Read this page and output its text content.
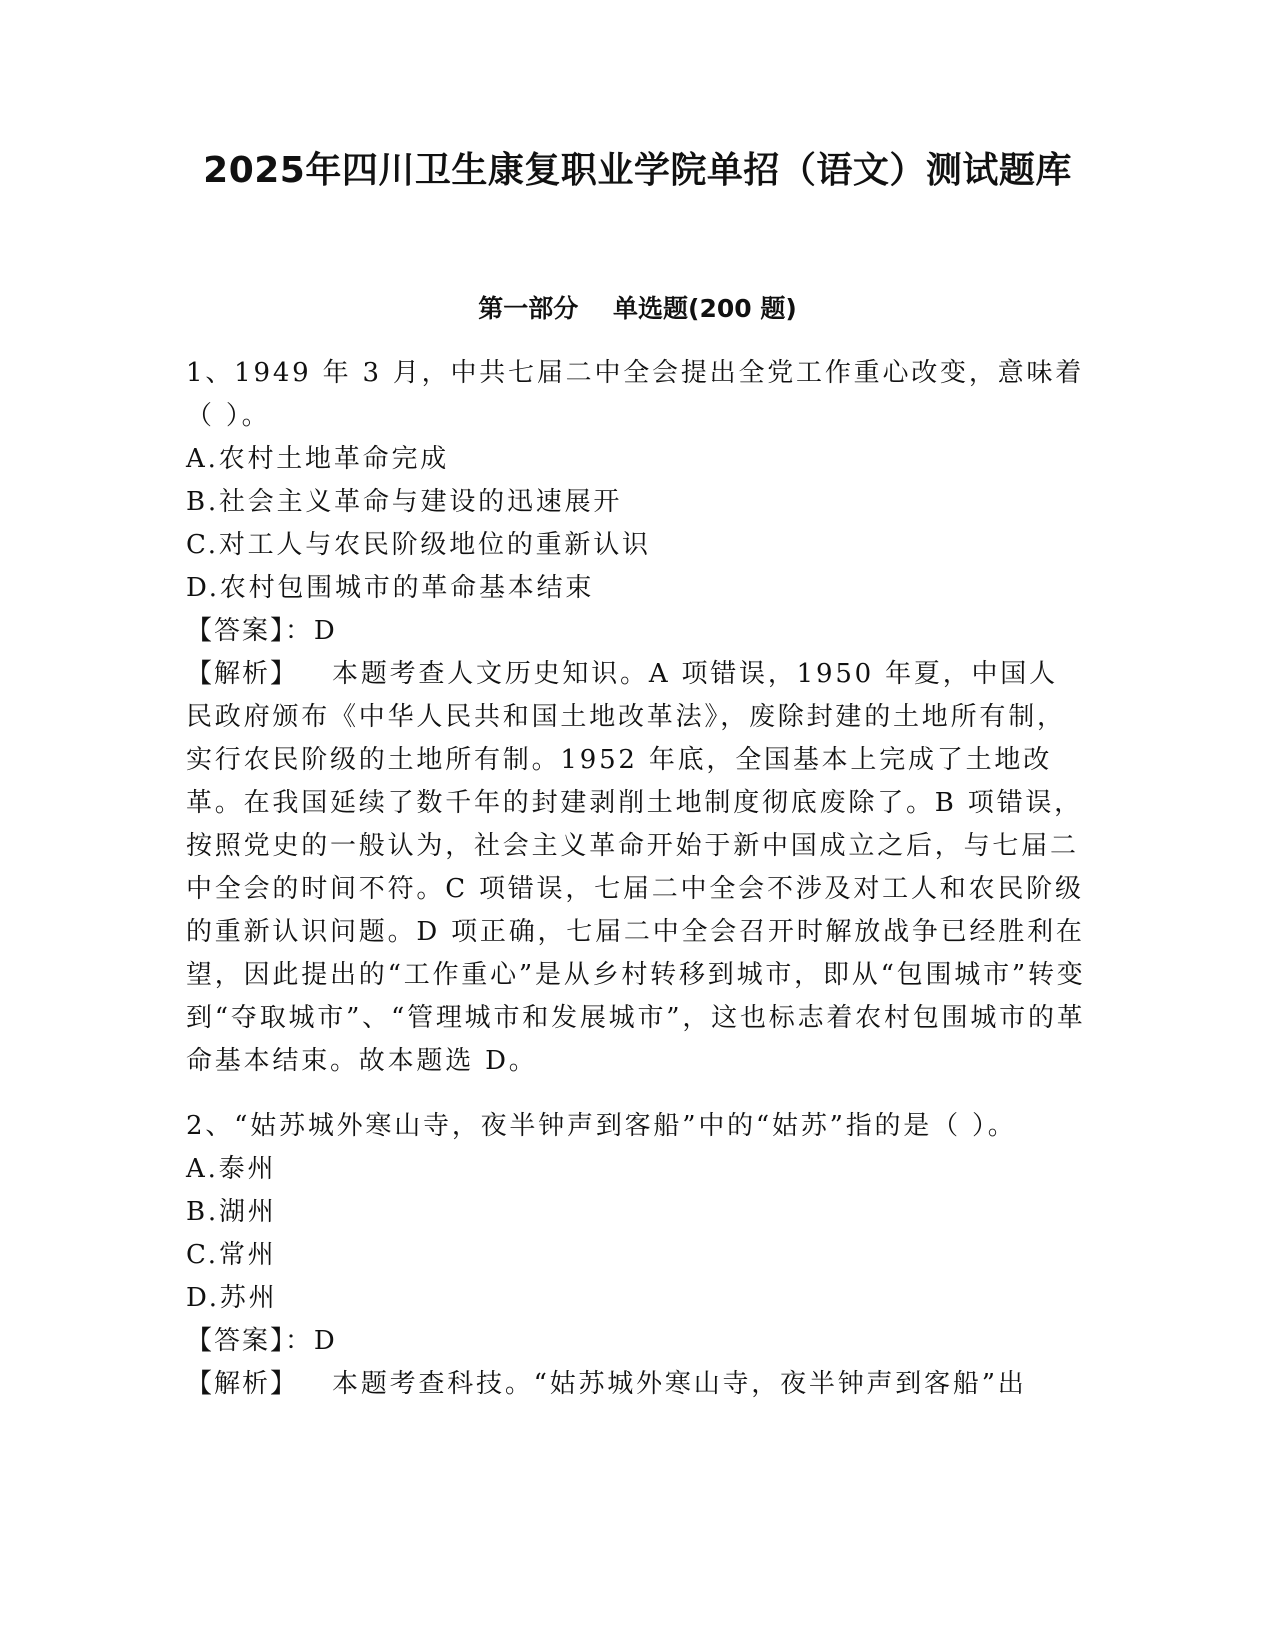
2025年四川卫生康复职业学院单招（语文）测试题库
第一部分    单选题(200 题)

1、1949 年 3 月，中共七届二中全会提出全党工作重心改变，意味着（ ）。

A.农村土地革命完成

B.社会主义革命与建设的迅速展开

C.对工人与农民阶级地位的重新认识

D.农村包围城市的革命基本结束

【答案】：D

【解析】 本题考查人文历史知识。A 项错误，1950 年夏，中国人民政府颁布《中华人民共和国土地改革法》，废除封建的土地所有制，实行农民阶级的土地所有制。1952 年底，全国基本上完成了土地改革。在我国延续了数千年的封建剥削土地制度彻底废除了。B 项错误，按照党史的一般认为，社会主义革命开始于新中国成立之后，与七届二中全会的时间不符。C 项错误，七届二中全会不涉及对工人和农民阶级的重新认识问题。D 项正确，七届二中全会召开时解放战争已经胜利在望，因此提出的“工作重心”是从乡村转移到城市，即从“包围城市”转变到“夺取城市”、“管理城市和发展城市”，这也标志着农村包围城市的革命基本结束。故本题选 D。

2、“姑苏城外寒山寺，夜半钟声到客船”中的“姑苏”指的是（ ）。

A.泰州

B.湖州

C.常州

D.苏州

【答案】：D

【解析】 本题考查科技。“姑苏城外寒山寺，夜半钟声到客船”出
